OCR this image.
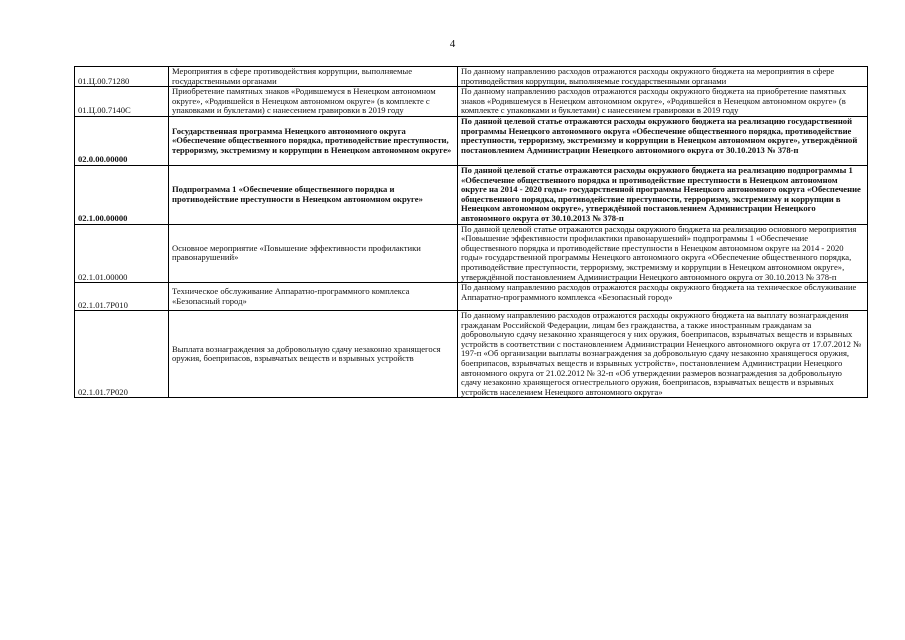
4
01.Ц.00.71280	Мероприятия в сфере противодействия коррупции, выполняемые государственными органами	По данному направлению расходов отражаются расходы окружного бюджета на мероприятия в сфере противодействия коррупции, выполняемые государственными органами
01.Ц.00.7140С	Приобретение памятных знаков «Родившемуся в Ненецком автономном округе», «Родившейся в Ненецком автономном округе» (в комплекте с упаковками и буклетами) с нанесением гравировки в 2019 году	По данному направлению расходов отражаются расходы окружного бюджета на приобретение памятных знаков «Родившемуся в Ненецком автономном округе», «Родившейся в Ненецком автономном округе» (в комплекте с упаковками и буклетами) с нанесением гравировки в 2019 году
02.0.00.00000	Государственная программа Ненецкого автономного округа «Обеспечение общественного порядка, противодействие преступности, терроризму, экстремизму и коррупции в Ненецком автономном округе»	По данной целевой статье отражаются расходы окружного бюджета на реализацию государственной программы Ненецкого автономного округа «Обеспечение общественного порядка, противодействие преступности, терроризму, экстремизму и коррупции в Ненецком автономном округе», утверждённой постановлением Администрации Ненецкого автономного округа от 30.10.2013 № 378-п
02.1.00.00000	Подпрограмма 1 «Обеспечение общественного порядка и противодействие преступности в Ненецком автономном округе»	По данной целевой статье отражаются расходы окружного бюджета на реализацию подпрограммы 1 «Обеспечение общественного порядка и противодействие преступности в Ненецком автономном округе на 2014 - 2020 годы» государственной программы Ненецкого автономного округа «Обеспечение общественного порядка, противодействие преступности, терроризму, экстремизму и коррупции в Ненецком автономном округе», утверждённой постановлением Администрации Ненецкого автономного округа от 30.10.2013 № 378-п
02.1.01.00000	Основное мероприятие «Повышение эффективности профилактики правонарушений»	По данной целевой статье отражаются расходы окружного бюджета на реализацию основного мероприятия «Повышение эффективности профилактики правонарушений» подпрограммы 1 «Обеспечение общественного порядка и противодействие преступности в Ненецком автономном округе на 2014 - 2020 годы» государственной программы Ненецкого автономного округа «Обеспечение общественного порядка, противодействие преступности, терроризму, экстремизму и коррупции в Ненецком автономном округе», утверждённой постановлением Администрации Ненецкого автономного округа от 30.10.2013 № 378-п
02.1.01.7Р010	Техническое обслуживание Аппаратно-программного комплекса «Безопасный город»	По данному направлению расходов отражаются расходы окружного бюджета на техническое обслуживание Аппаратно-программного комплекса «Безопасный город»
02.1.01.7Р020	Выплата вознаграждения за добровольную сдачу незаконно хранящегося оружия, боеприпасов, взрывчатых веществ и взрывных устройств	По данному направлению расходов отражаются расходы окружного бюджета на выплату вознаграждения гражданам Российской Федерации, лицам без гражданства, а также иностранным гражданам за добровольную сдачу незаконно хранящегося у них оружия, боеприпасов, взрывчатых веществ и взрывных устройств в соответствии с постановлением Администрации Ненецкого автономного округа от 17.07.2012 № 197-п «Об организации выплаты вознаграждения за добровольную сдачу незаконно хранящегося оружия, боеприпасов, взрывчатых веществ и взрывных устройств», постановлением Администрации Ненецкого автономного округа от 21.02.2012 № 32-п «Об утверждении размеров вознаграждения за добровольную сдачу незаконно хранящегося огнестрельного оружия, боеприпасов, взрывчатых веществ и взрывных устройств населением Ненецкого автономного округа»
